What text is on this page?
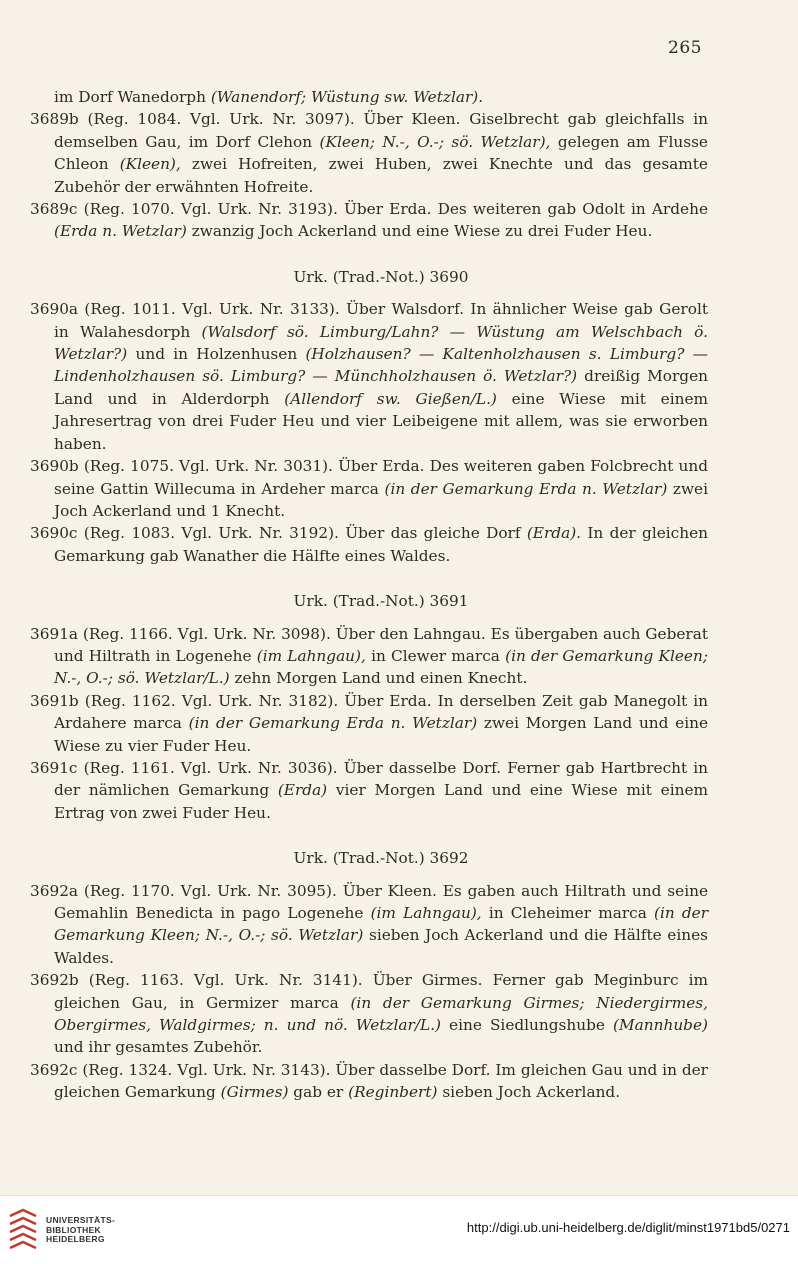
265

im Dorf Wanedorph (Wanendorf; Wüstung sw. Wetzlar).

3689b (Reg. 1084. Vgl. Urk. Nr. 3097). Über Kleen. Giselbrecht gab gleichfalls in demselben Gau, im Dorf Clehon (Kleen; N.-, O.-; sö. Wetzlar), gelegen am Flusse Chleon (Kleen), zwei Hofreiten, zwei Huben, zwei Knechte und das gesamte Zubehör der erwähnten Hofreite.

3689c (Reg. 1070. Vgl. Urk. Nr. 3193). Über Erda. Des weiteren gab Odolt in Ardehe (Erda n. Wetzlar) zwanzig Joch Ackerland und eine Wiese zu drei Fuder Heu.

Urk. (Trad.-Not.) 3690

3690a (Reg. 1011. Vgl. Urk. Nr. 3133). Über Walsdorf. In ähnlicher Weise gab Gerolt in Walahesdorph (Walsdorf sö. Limburg/Lahn? — Wüstung am Welschbach ö. Wetzlar?) und in Holzenhusen (Holzhausen? — Kaltenholzhausen s. Limburg? — Lindenholzhausen sö. Limburg? — Münchholzhausen ö. Wetzlar?) dreißig Morgen Land und in Alderdorph (Allendorf sw. Gießen/L.) eine Wiese mit einem Jahresertrag von drei Fuder Heu und vier Leibeigene mit allem, was sie erworben haben.

3690b (Reg. 1075. Vgl. Urk. Nr. 3031). Über Erda. Des weiteren gaben Folcbrecht und seine Gattin Willecuma in Ardeher marca (in der Gemarkung Erda n. Wetzlar) zwei Joch Ackerland und 1 Knecht.

3690c (Reg. 1083. Vgl. Urk. Nr. 3192). Über das gleiche Dorf (Erda). In der gleichen Gemarkung gab Wanather die Hälfte eines Waldes.

Urk. (Trad.-Not.) 3691

3691a (Reg. 1166. Vgl. Urk. Nr. 3098). Über den Lahngau. Es übergaben auch Geberat und Hiltrath in Logenehe (im Lahngau), in Clewer marca (in der Gemarkung Kleen; N.-, O.-; sö. Wetzlar/L.) zehn Morgen Land und einen Knecht.

3691b (Reg. 1162. Vgl. Urk. Nr. 3182). Über Erda. In derselben Zeit gab Manegolt in Ardahere marca (in der Gemarkung Erda n. Wetzlar) zwei Morgen Land und eine Wiese zu vier Fuder Heu.

3691c (Reg. 1161. Vgl. Urk. Nr. 3036). Über dasselbe Dorf. Ferner gab Hartbrecht in der nämlichen Gemarkung (Erda) vier Morgen Land und eine Wiese mit einem Ertrag von zwei Fuder Heu.

Urk. (Trad.-Not.) 3692

3692a (Reg. 1170. Vgl. Urk. Nr. 3095). Über Kleen. Es gaben auch Hiltrath und seine Gemahlin Benedicta in pago Logenehe (im Lahngau), in Cleheimer marca (in der Gemarkung Kleen; N.-, O.-; sö. Wetzlar) sieben Joch Ackerland und die Hälfte eines Waldes.

3692b (Reg. 1163. Vgl. Urk. Nr. 3141). Über Girmes. Ferner gab Meginburc im gleichen Gau, in Germizer marca (in der Gemarkung Girmes; Niedergirmes, Obergirmes, Waldgirmes; n. und nö. Wetzlar/L.) eine Siedlungshube (Mannhube) und ihr gesamtes Zubehör.

3692c (Reg. 1324. Vgl. Urk. Nr. 3143). Über dasselbe Dorf. Im gleichen Gau und in der gleichen Gemarkung (Girmes) gab er (Reginbert) sieben Joch Ackerland.

UNIVERSITÄTS-
BIBLIOTHEK
HEIDELBERG
http://digi.ub.uni-heidelberg.de/diglit/minst1971bd5/0271
